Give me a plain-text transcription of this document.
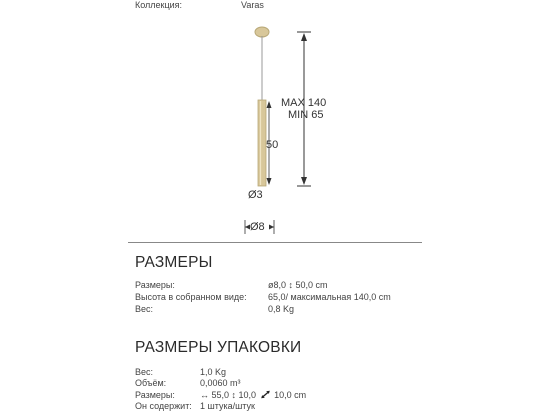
Коллекция:	Varas
MAX 140
MIN 65
50
Ø3
Ø8
РАЗМЕРЫ
Размеры:	ø8,0 ↕ 50,0 cm
Высота в собранном виде: 65,0/ максимальная 140,0 cm
Вес:	0,8 Kg
РАЗМЕРЫ УПАКОВКИ
Вес:	1,0 Kg
Объём:	0,0060 m³
Размеры:	↔ 55,0 ↕ 10,0 10,0 cm
Он содержит: 1 штука/штук
